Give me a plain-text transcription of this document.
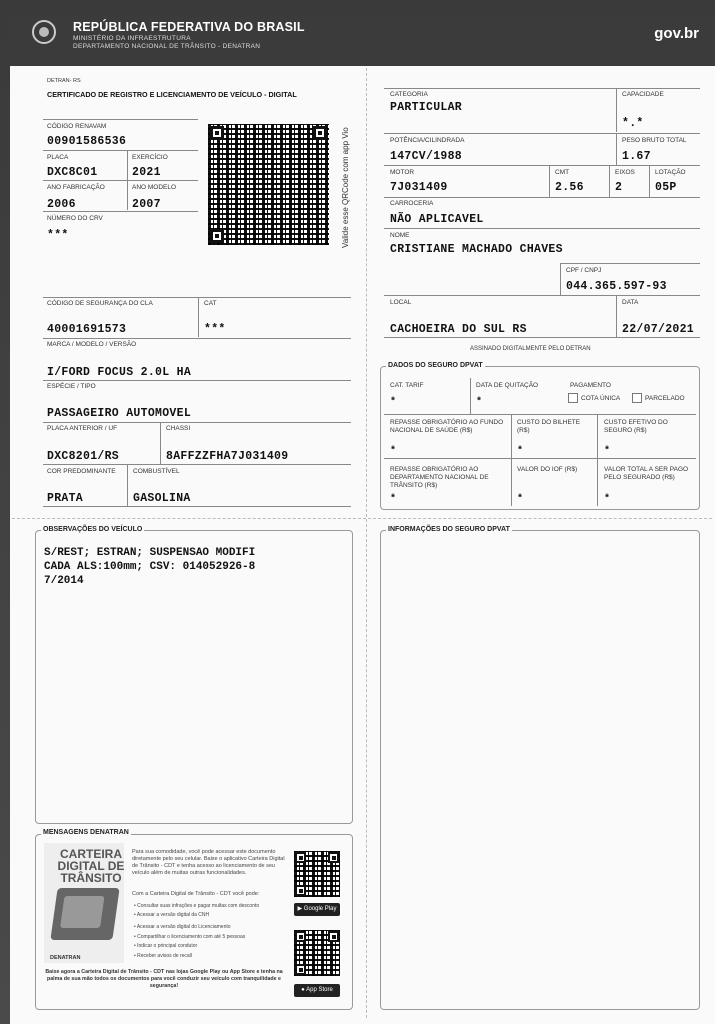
REPÚBLICA FEDERATIVA DO BRASIL
MINISTÉRIO DA INFRAESTRUTURA
DEPARTAMENTO NACIONAL DE TRÂNSITO - DENATRAN
gov.br
DETRAN- RS
CERTIFICADO DE REGISTRO E LICENCIAMENTO DE VEÍCULO - DIGITAL
CÓDIGO RENAVAM
00901586536
PLACA
DXC8C01
EXERCÍCIO
2021
ANO FABRICAÇÃO
2006
ANO MODELO
2007
NÚMERO DO CRV
***	Valide esse QRCode com app Vio
CÓDIGO DE SEGURANÇA DO CLA
40001691573
CAT
***
MARCA / MODELO / VERSÃO
I/FORD FOCUS 2.0L HA
ESPÉCIE / TIPO
PASSAGEIRO AUTOMOVEL
PLACA ANTERIOR / UF
DXC8201/RS
CHASSI
8AFFZZFHA7J031409
COR PREDOMINANTE
PRATA
COMBUSTÍVEL
GASOLINA
CATEGORIA
PARTICULAR
CAPACIDADE
*.*
POTÊNCIA/CILINDRADA
147CV/1988
PESO BRUTO TOTAL
1.67
MOTOR
7J031409
CMT
2.56
EIXOS
2
LOTAÇÃO
05P
CARROCERIA
NÃO APLICAVEL
NOME
CRISTIANE MACHADO CHAVES
CPF / CNPJ
044.365.597-93
LOCAL
CACHOEIRA DO SUL RS
DATA
22/07/2021
ASSINADO DIGITALMENTE PELO DETRAN
DADOS DO SEGURO DPVAT
CAT. TARIF
*
DATA DE QUITAÇÃO
*
PAGAMENTO
COTA ÚNICA	PARCELADO
REPASSE OBRIGATÓRIO AO FUNDO NACIONAL DE SAÚDE (R$)
*
CUSTO DO BILHETE (R$)
*
CUSTO EFETIVO DO SEGURO (R$)
*
REPASSE OBRIGATÓRIO AO DEPARTAMENTO NACIONAL DE TRÂNSITO (R$)
*
VALOR DO IOF (R$)
*
VALOR TOTAL A SER PAGO PELO SEGURADO (R$)
*
OBSERVAÇÕES DO VEÍCULO
S/REST; ESTRAN; SUSPENSAO MODIFI
CADA ALS:100mm; CSV: 014052926-8
7/2014
INFORMAÇÕES DO SEGURO DPVAT
MENSAGENS DENATRAN
CARTEIRA DIGITAL DE TRÂNSITO
DENATRAN
Para sua comodidade, você pode acessar este documento diretamente pelo seu celular. Baixe o aplicativo Carteira Digital de Trânsito - CDT e tenha acesso ao licenciamento de seu veículo além de muitas outras funcionalidades.
Com a Carteira Digital de Trânsito - CDT você pode:
• Consultar suas infrações e pagar multas com desconto
• Acessar a versão digital da CNH
• Acessar a versão digital do Licenciamento
• Compartilhar o licenciamento com até 5 pessoas
• Indicar o principal condutor
• Receber avisos de recall
▶ Google Play
● App Store
Baixe agora a Carteira Digital de Trânsito - CDT nas lojas Google Play ou App Store e tenha na palma de sua mão todos os documentos para você conduzir seu veículo com tranquilidade e segurança!
